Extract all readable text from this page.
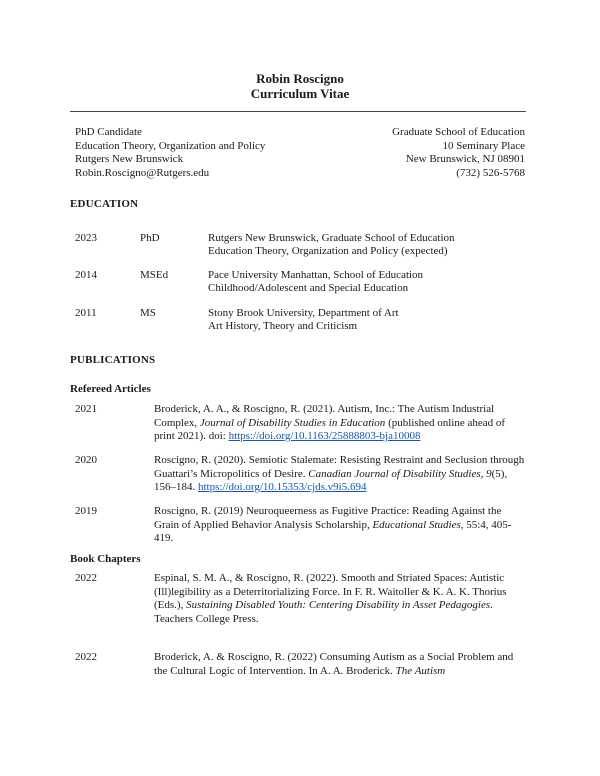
Robin Roscigno
Curriculum Vitae
PhD Candidate
Education Theory, Organization and Policy
Rutgers New Brunswick
Robin.Roscigno@Rutgers.edu
Graduate School of Education
10 Seminary Place
New Brunswick, NJ 08901
(732) 526-5768
EDUCATION
2023	PhD	Rutgers New Brunswick, Graduate School of Education
Education Theory, Organization and Policy (expected)
2014	MSEd	Pace University Manhattan, School of Education
Childhood/Adolescent and Special Education
2011	MS	Stony Brook University, Department of Art
Art History, Theory and Criticism
PUBLICATIONS
Refereed Articles
2021	Broderick, A. A., & Roscigno, R. (2021). Autism, Inc.: The Autism Industrial Complex, Journal of Disability Studies in Education (published online ahead of print 2021). doi: https://doi.org/10.1163/25888803-bja10008
2020	Roscigno, R. (2020). Semiotic Stalemate: Resisting Restraint and Seclusion through Guattari’s Micropolitics of Desire. Canadian Journal of Disability Studies, 9(5), 156–184. https://doi.org/10.15353/cjds.v9i5.694
2019	Roscigno, R. (2019) Neuroqueerness as Fugitive Practice: Reading Against the Grain of Applied Behavior Analysis Scholarship, Educational Studies, 55:4, 405-419.
Book Chapters
2022	Espinal, S. M. A., & Roscigno, R. (2022). Smooth and Striated Spaces: Autistic (Ill)legibility as a Deterritorializing Force. In F. R. Waitoller & K. A. K. Thorius (Eds.), Sustaining Disabled Youth: Centering Disability in Asset Pedagogies. Teachers College Press.
2022	Broderick, A. & Roscigno, R. (2022) Consuming Autism as a Social Problem and the Cultural Logic of Intervention. In A. A. Broderick. The Autism
